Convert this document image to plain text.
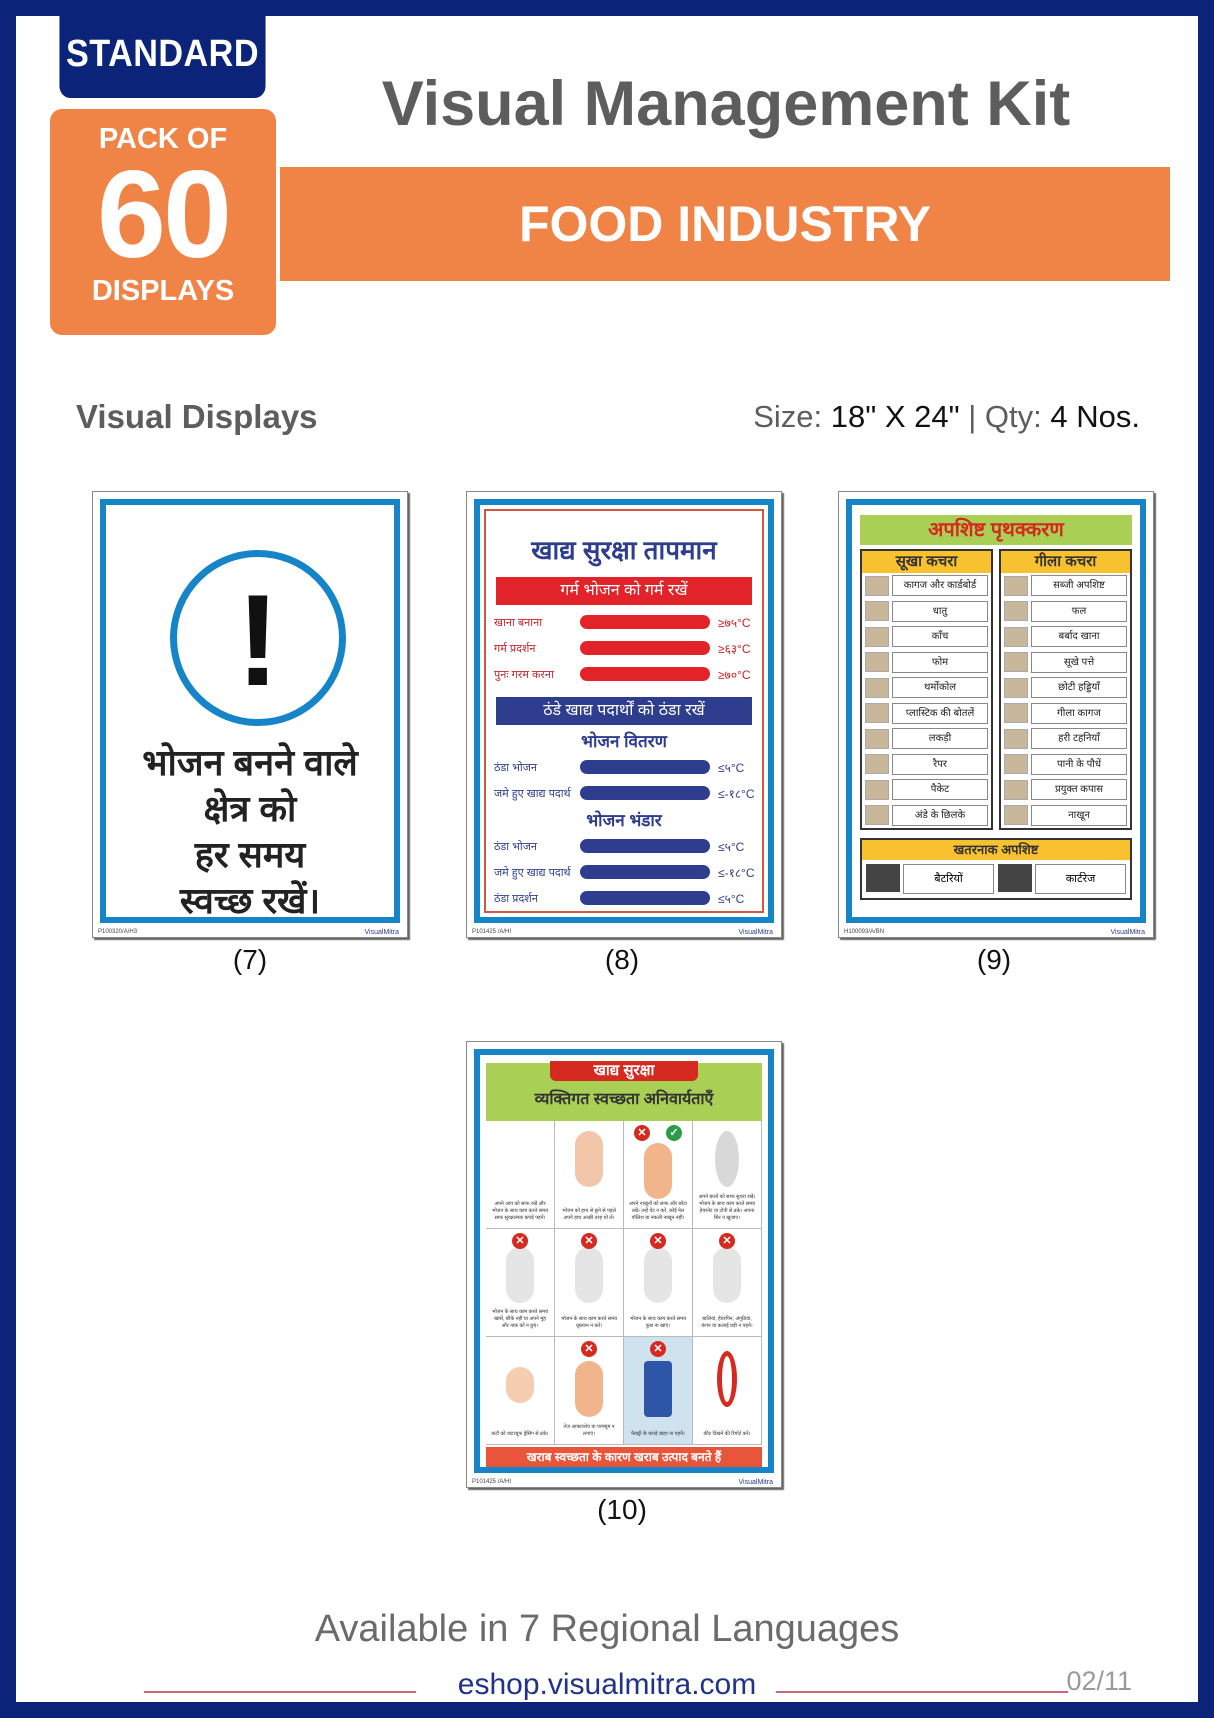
STANDARD
PACK OF
60
DISPLAYS
Visual Management Kit
FOOD INDUSTRY
Visual Displays	Size: 18" X 24" | Qty: 4 Nos.
!
भोजन बनने वाले
क्षेत्र को
हर समय
स्वच्छ रखें।
P100320/A/H3	VisualMitra
(7)
खाद्य सुरक्षा तापमान
गर्म भोजन को गर्म रखें
खाना बनाना	≥७५°C
गर्म प्रदर्शन	≥६३°C
पुनः गरम करना	≥७०°C
ठंडे खाद्य पदार्थों को ठंडा रखें
भोजन वितरण
ठंडा भोजन	≤५°C
जमे हुए खाद्य पदार्थ	≤-१८°C
भोजन भंडार
ठंडा भोजन	≤५°C
जमे हुए खाद्य पदार्थ	≤-१८°C
ठंडा प्रदर्शन	≤५°C
P101425 /A/HI	VisualMitra
(8)
अपशिष्ट पृथक्करण
सूखा कचरा
कागज और कार्डबोर्ड
धातु
काँच
फोम
थर्मोकोल
प्लास्टिक की बोतलें
लकड़ी
रैपर
पैकेट
अंडे के छिलके
गीला कचरा
सब्जी अपशिष्ट
फल
बर्बाद खाना
सूखे पत्ते
छोटी हड्डियाँ
गीला कागज
हरी टहनियाँ
पानी के पौधें
प्रयुक्त कपास
नाखून
खतरनाक अपशिष्ट
बैटरियों	कार्टरेज
H100093/A/BN	VisualMitra
(9)
खाद्य सुरक्षा
व्यक्तिगत स्वच्छता अनिवार्यताएँ
अपने आप को साफ रखें और भोजन के साथ काम करते समय साफ सुरक्षात्मक कपड़े पहनें।
भोजन को हाथ से छूने से पहले अपने हाथ अच्छी तरह धो लें।
✕	✓
अपने नाखूनों को साफ और छोटा रखें। उन्हें पेंट न करें, कोई नेल पॉलिश या नकली नाखून नहीं।
अपने बालों को साफ सुथरा रखें। भोजन के साथ काम करते समय हेयरनेट या टोपी से ढके। अपना सिर न खुजाए।
✕
भोजन के साथ काम करते समय खांसें, छींके नहीं या अपने मुंह और नाक को न छुएं।
✕
भोजन के साथ काम करते समय धूम्रपान न करें।
✕
भोजन के साथ काम करते समय कुछ ना खाएं।
✕
बालियां, हेयरपिन, अंगूठियां, कंगन या कलाई घड़ी न पहनें।
कटौ को वाटरप्रूफ ड्रेसिंग से ढके।
✕
तेज आफ्टरशेव या परफ्यूम न लगाएं।
✕
फैक्ट्री के कपड़े बाहर ना पहनें।	कीट दिखने की रिपोर्ट करें।
खराब स्वच्छता के कारण खराब उत्पाद बनते हैं
P101425 /A/HI	VisualMitra
(10)
Available in 7 Regional Languages
eshop.visualmitra.com	02/11
